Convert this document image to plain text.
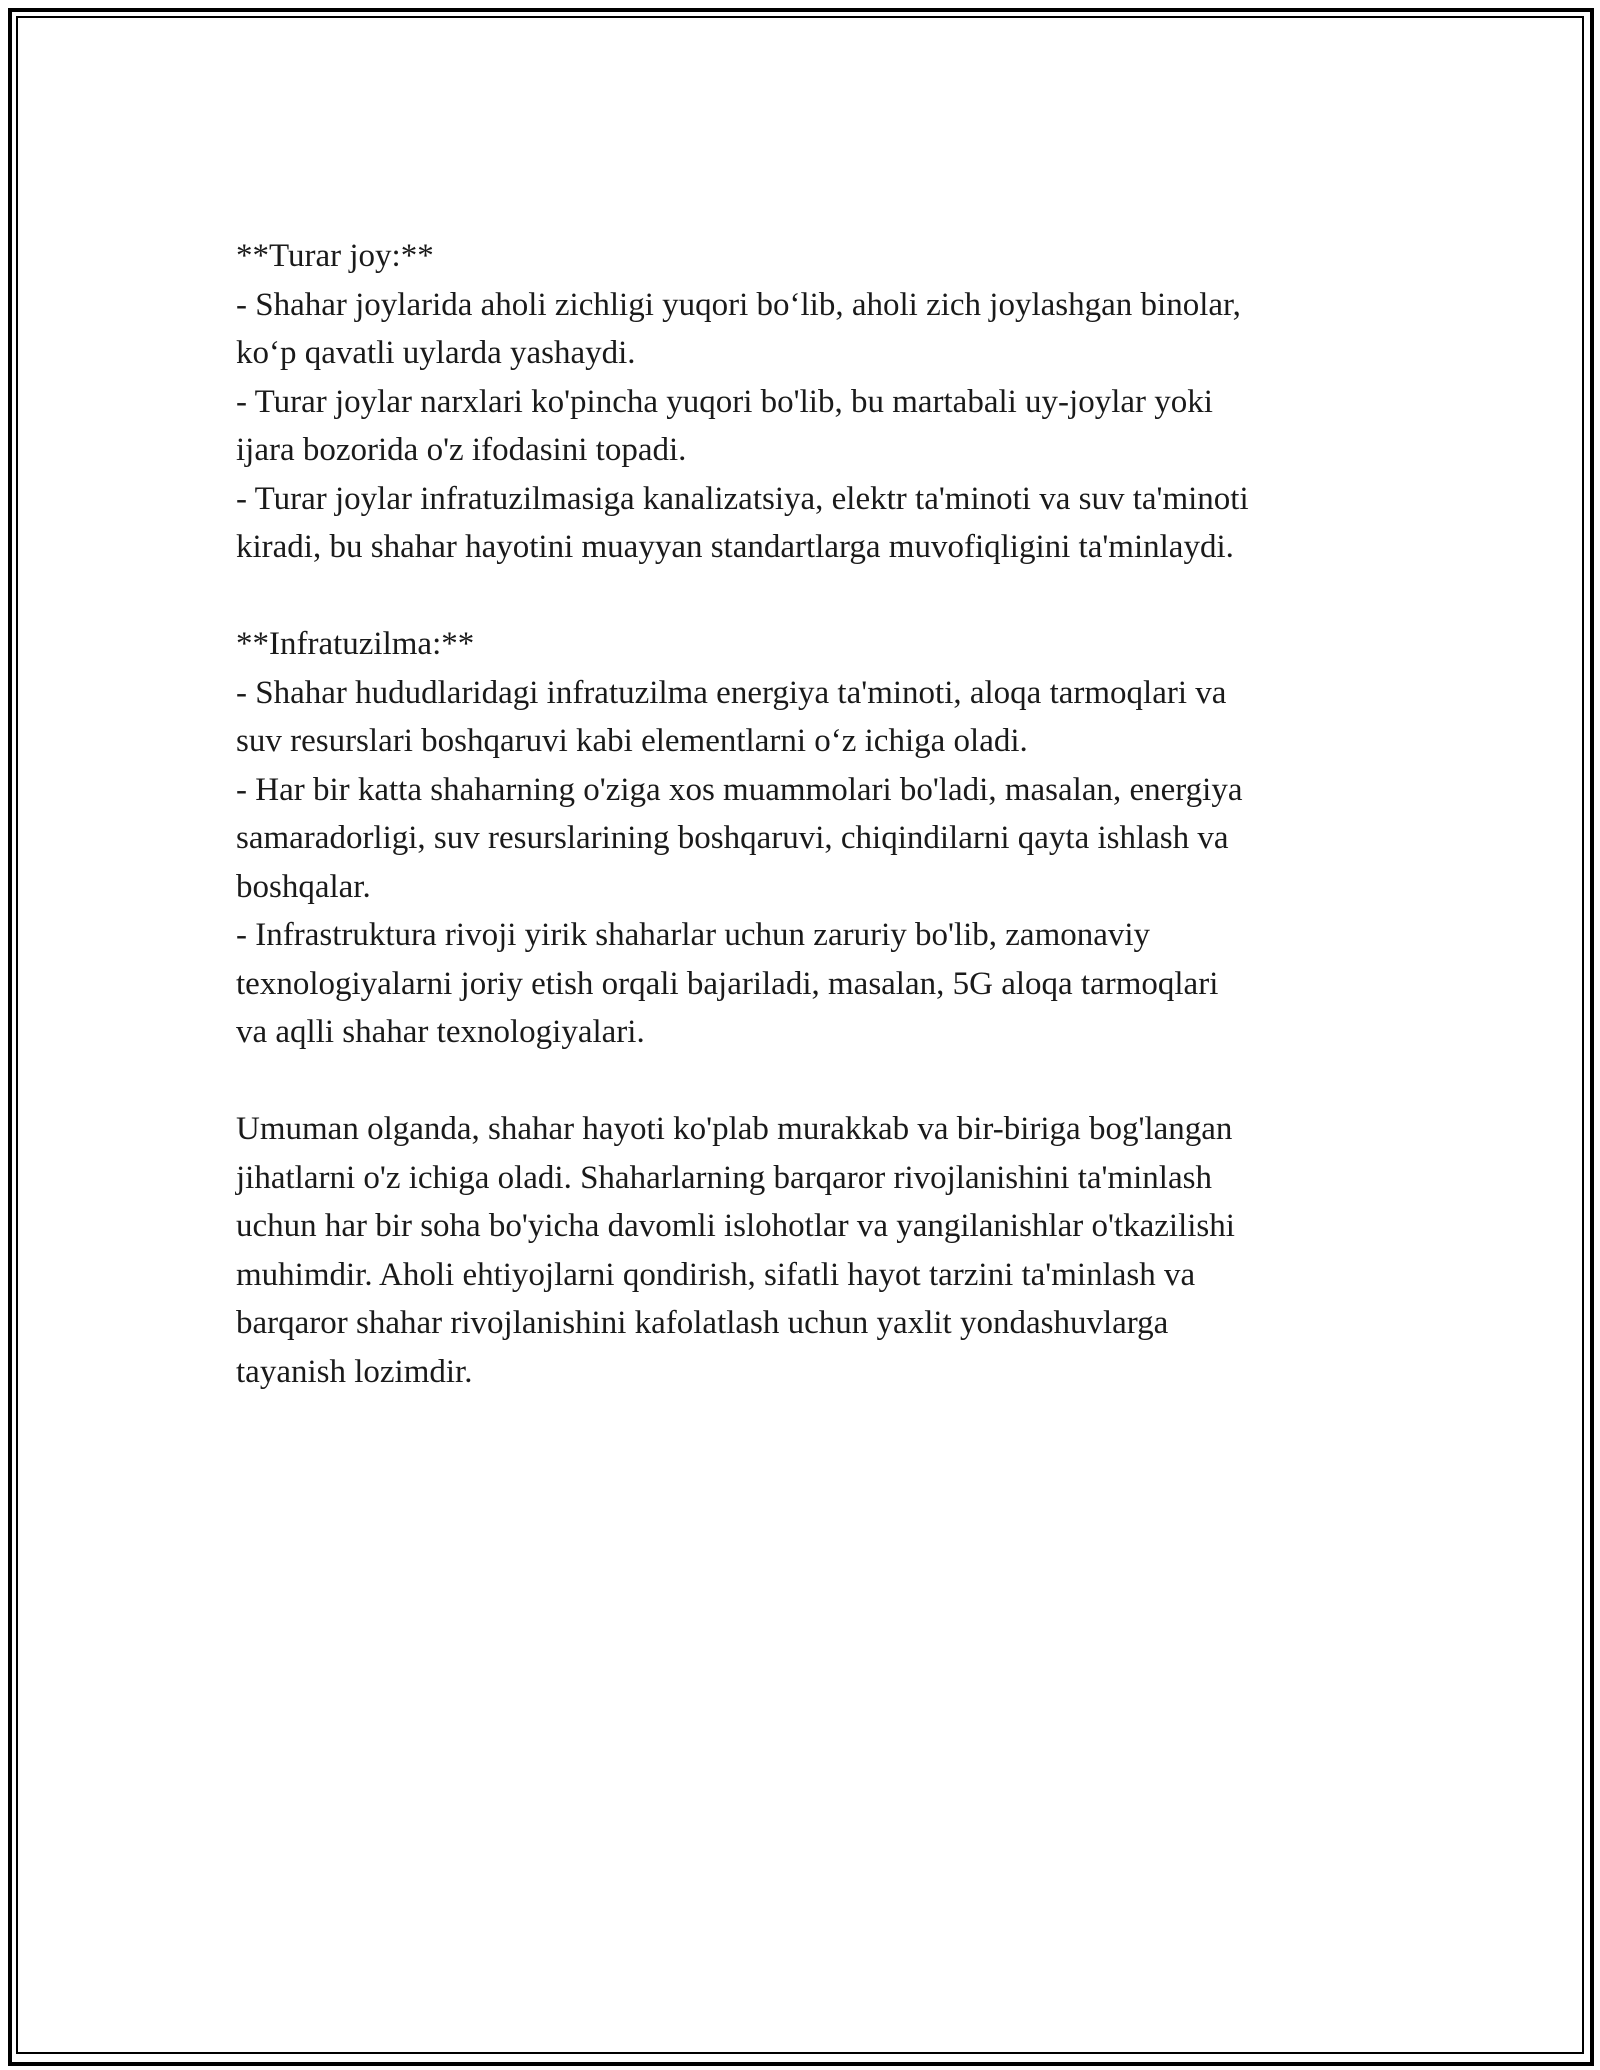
**Turar joy:**
- Shahar joylarida aholi zichligi yuqori bo‘lib, aholi zich joylashgan binolar,
ko‘p qavatli uylarda yashaydi.
- Turar joylar narxlari ko'pincha yuqori bo'lib, bu martabali uy-joylar yoki
ijara bozorida o'z ifodasini topadi.
- Turar joylar infratuzilmasiga kanalizatsiya, elektr ta'minoti va suv ta'minoti
kiradi, bu shahar hayotini muayyan standartlarga muvofiqligini ta'minlaydi.
**Infratuzilma:**
- Shahar hududlaridagi infratuzilma energiya ta'minoti, aloqa tarmoqlari va
suv resurslari boshqaruvi kabi elementlarni o‘z ichiga oladi.
- Har bir katta shaharning o'ziga xos muammolari bo'ladi, masalan, energiya
samaradorligi, suv resurslarining boshqaruvi, chiqindilarni qayta ishlash va
boshqalar.
- Infrastruktura rivoji yirik shaharlar uchun zaruriy bo'lib, zamonaviy
texnologiyalarni joriy etish orqali bajariladi, masalan, 5G aloqa tarmoqlari
va aqlli shahar texnologiyalari.
Umuman olganda, shahar hayoti ko'plab murakkab va bir-biriga bog'langan
jihatlarni o'z ichiga oladi. Shaharlarning barqaror rivojlanishini ta'minlash
uchun har bir soha bo'yicha davomli islohotlar va yangilanishlar o'tkazilishi
muhimdir. Aholi ehtiyojlarni qondirish, sifatli hayot tarzini ta'minlash va
barqaror shahar rivojlanishini kafolatlash uchun yaxlit yondashuvlarga
tayanish lozimdir.
